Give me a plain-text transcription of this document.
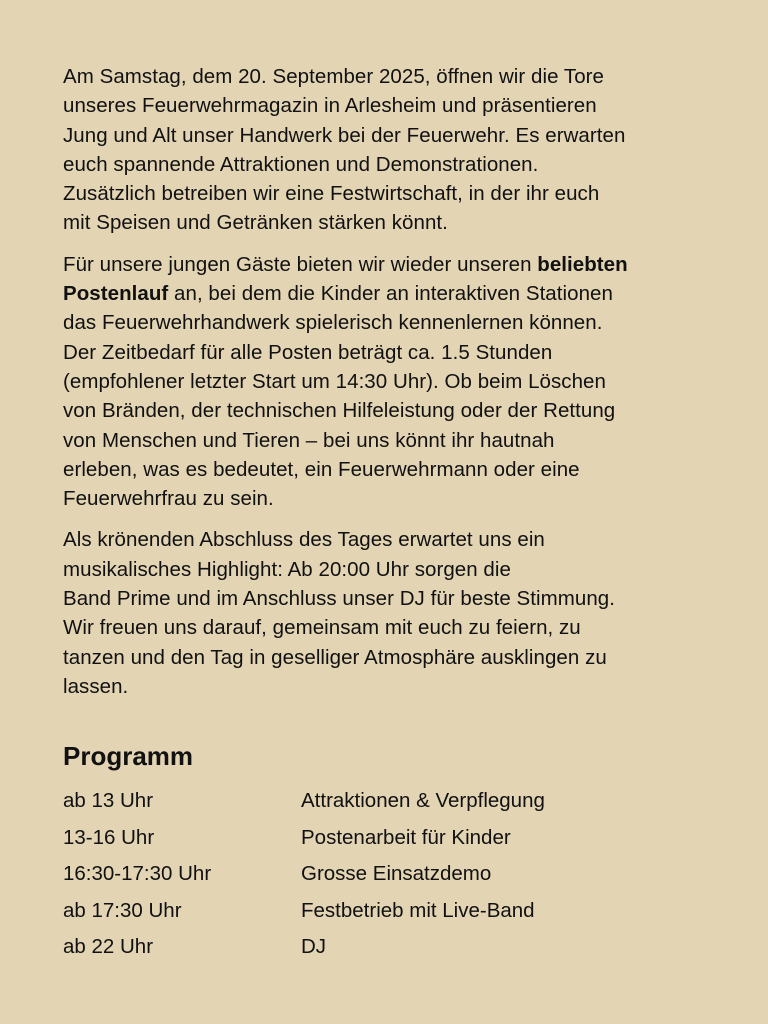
Am Samstag, dem 20. September 2025, öffnen wir die Tore
unseres Feuerwehrmagazin in Arlesheim und präsentieren
Jung und Alt unser Handwerk bei der Feuerwehr. Es erwarten
euch spannende Attraktionen und Demonstrationen.
Zusätzlich betreiben wir eine Festwirtschaft, in der ihr euch
mit Speisen und Getränken stärken könnt.

Für unsere jungen Gäste bieten wir wieder unseren beliebten
Postenlauf an, bei dem die Kinder an interaktiven Stationen
das Feuerwehrhandwerk spielerisch kennenlernen können.
Der Zeitbedarf für alle Posten beträgt ca. 1.5 Stunden
(empfohlener letzter Start um 14:30 Uhr). Ob beim Löschen
von Bränden, der technischen Hilfeleistung oder der Rettung
von Menschen und Tieren – bei uns könnt ihr hautnah
erleben, was es bedeutet, ein Feuerwehrmann oder eine
Feuerwehrfrau zu sein.

Als krönenden Abschluss des Tages erwartet uns ein
musikalisches Highlight: Ab 20:00 Uhr sorgen die
Band Prime und im Anschluss unser DJ für beste Stimmung.
Wir freuen uns darauf, gemeinsam mit euch zu feiern, zu
tanzen und den Tag in geselliger Atmosphäre ausklingen zu
lassen.

Programm
ab 13 Uhr	Attraktionen & Verpflegung
13-16 Uhr	Postenarbeit für Kinder
16:30-17:30 Uhr	Grosse Einsatzdemo
ab 17:30 Uhr	Festbetrieb mit Live-Band
ab 22 Uhr	DJ
